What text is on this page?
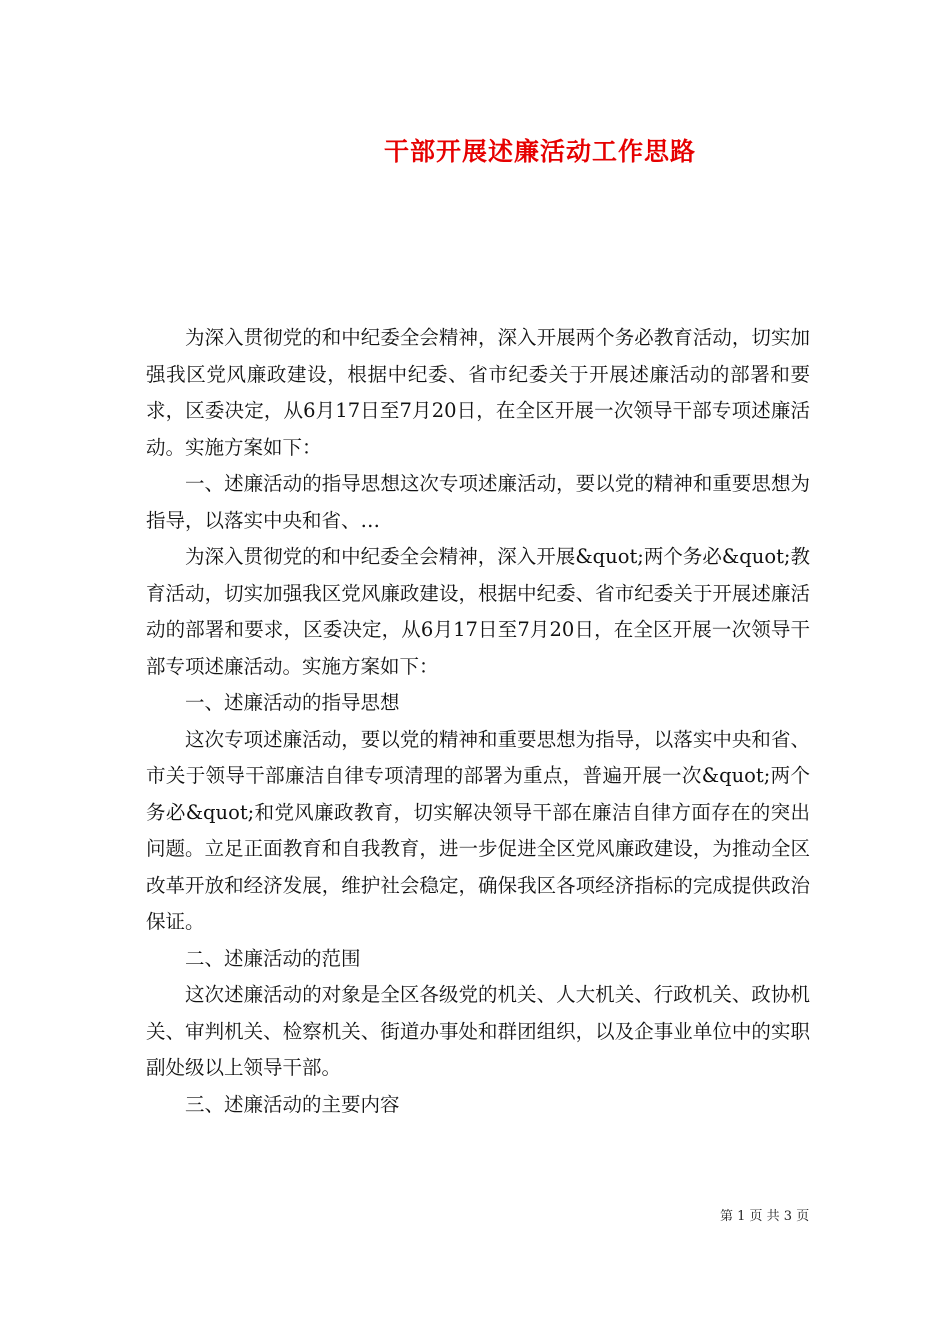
干部开展述廉活动工作思路

为深入贯彻党的和中纪委全会精神，深入开展两个务必教育活动，切实加强我区党风廉政建设，根据中纪委、省市纪委关于开展述廉活动的部署和要求，区委决定，从6月17日至7月20日，在全区开展一次领导干部专项述廉活动。实施方案如下：

一、述廉活动的指导思想这次专项述廉活动，要以党的精神和重要思想为指导，以落实中央和省、…

为深入贯彻党的和中纪委全会精神，深入开展&quot;两个务必&quot;教育活动，切实加强我区党风廉政建设，根据中纪委、省市纪委关于开展述廉活动的部署和要求，区委决定，从6月17日至7月20日，在全区开展一次领导干部专项述廉活动。实施方案如下：

一、述廉活动的指导思想

这次专项述廉活动，要以党的精神和重要思想为指导，以落实中央和省、市关于领导干部廉洁自律专项清理的部署为重点，普遍开展一次&quot;两个务必&quot;和党风廉政教育，切实解决领导干部在廉洁自律方面存在的突出问题。立足正面教育和自我教育，进一步促进全区党风廉政建设，为推动全区改革开放和经济发展，维护社会稳定，确保我区各项经济指标的完成提供政治保证。

二、述廉活动的范围

这次述廉活动的对象是全区各级党的机关、人大机关、行政机关、政协机关、审判机关、检察机关、街道办事处和群团组织，以及企事业单位中的实职副处级以上领导干部。

三、述廉活动的主要内容

第 1 页 共 3 页
